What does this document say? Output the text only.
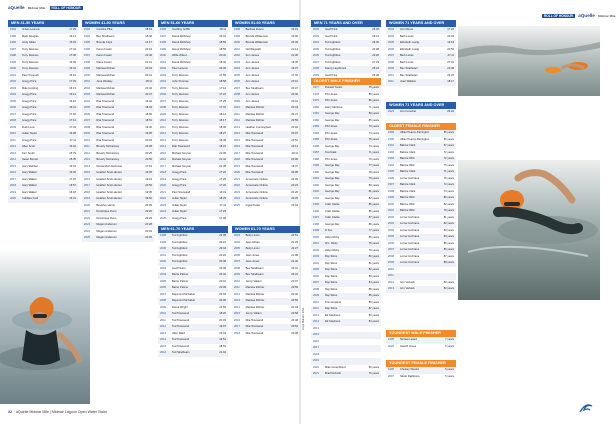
aQuelle Midmar Mile ROLL OF HONOUR
MEN 41-50 YEARS
1994	Johan Lourens	17:29
1995	Mark Douglas	15:13
1996	Andy Gillan	15:03
1997	Terry Downes	17:44
1998	Terry Downes	17:06
1999	Terry Downes	16:05
2000	Terry Downes	16:44
2001	Paul Trenouth	16:16
2002	Gregg Price	17:03
2003	Mike Hocking	16:13
2004	Gregg Price	16:14
2005	Gregg Price	16:16
2006	Gregg Price	16:41
2007	Gregg Price	17:02
2008	Gregg Price	17:14
2009	Rudi Louw	17:03
2010	Julian Taylor	16:28
2011	Gregg Price	17:11
2012	Allen Scott	16:42
2013	Kerr Smith	15:79
2014	Stuart Borrett	15:35
2015	Gary Webber	16:04
2016	Gary Walker	16:36
2017	Gary Walker	17:07
2018	Gary Walker	16:57
2019	Gary Walker	16:18
2020	Cobbles Ford	16:41
WOMEN 41-50 YEARS
1993	Caroline Pike	18:19
1994	Bev Strathearn	18:46
1995	Brenda Cope	21:17
1996	Karen Foster	20:16
1997	Karen Foster	20:46
1998	Diane Foster	21:41
1999	Marissa Richter	20:44
2000	Marissa Richter	20:41
2001	June Woolley	18:11
2002	Marissa Richter	20:42
2003	Marissa Richter	20:47
2004	Rita Townsend	19:42
2005	Rita Townsend	18:43
2006	Rita Townsend	18:56
2007	Rita Townsend	18:51
2008	Rita Townsend	19:40
2009	Rita Townsend	19:35
2010	Rita Townsend	20:04
2011	Beverly McCartney	20:48
2012	Beverly McCartney	20:25
2013	Beverly McCartney	20:56
2014	Nicola Moir-Cushman	17:19
2015	Heather Scott-Hunter	19:35
2016	Heather Scott-Hunter	19:19
2017	Heather Scott-Hunter	20:50
2018	Heather Scott-Hunter	19:35
2019	Heather Scott-Hunter	19:52
2020	Beverley Harris	20:09
2021	Dominique Dunn	20:20
2022	Dominique Dunn	20:29
2023	Megan Anderson	20:28
2024	Megan Anderson	20:03
2025	Megan Anderson	20:05
MEN 51-60 YEARS
1996	Geoffrey Griffin	18:11
1997	Derek Richthop	20:41
1998	Derek Richthop	18:59
1999	Derek Richthop	18:59
2000	Willie Wilson	20:42
2001	Derek Richthop	18:40
2002	Paul Larsens	20:40
2003	Terry Downes	17:55
2004	John Penrose	18:58
2005	Terry Downes	17:12
2006	Terry Downes	17:22
2007	Terry Downes	17:25
2008	Terry Downes	17:32
2009	Terry Downes	18:14
2010	Terry Downes	18:17
2011	Terry Downes	18:40
2012	Terry Downes	18:27
2013	Terry Downes	18:48
2014	Rob Townsend	18:31
2015	Michael Smyser	21:09
2016	Michael Smyser	21:42
2017	Michael Smyser	21:48
2018	Gregg Price	17:22
2019	Gregg Price	17:25
2020	Gregg Price	17:20
2021	Paul Townsend	16:31
2022	Julian Taylor	18:29
2023	Julian Taylor	17:11
2024	Julian Taylor	17:23
2025	Gregg Price	17:08
MEN 61-70 YEARS
1998	Ted Lightfoot	22:38
1999	Ted Lightfoot	20:16
2000	Ted Lightfoot	20:44
2001	Ted Lightfoot	20:22
2002	Ted Lightfoot	20:48
2003	Geoff Sutro	20:48
2004	Barrie Palmer	20:42
2005	Barrie Palmer	20:01
2006	Barrie Palmer	20:09
2007	Raymond McCabel	20:04
2008	Raymond McCabel	20:30
2009	Derek Wright	21:56
2010	Ted Townsend	18:20
2011	Ted Townsend	20:33
2012	Ted Townsend	19:07
2013	Allen Ward	20:03
2014	Ted Townsend	19:51
2015	Ted Townsend	18:53
2016	Ted Strathearn	21:04
32 aQuelle Midmar Mile | Midmar Lagoon Open Water Swim
WOMEN 51-60 YEARS
1998	Barbara Rusca	20:19
1999	Brenda Williamson	20:00
2000	Brenda Williamson	20:49
2001	Gill Wagstaff	21:14
2002	Ann James	21:30
2003	Ann James	19:45
2004	Ann James	19:37
2005	Ann James	17:02
2006	Ann James	20:10
2007	Bev Strathearn	20:47
2008	Ann James	20:40
2009	Ann James	20:31
2010	Marissa Richter	20:44
2011	Marissa Richter	20:47
2012	Marissa Richter	20:59
2013	Heather Cunningham	20:04
2014	Rita Townsend	20:37
2015	Rita Townsend	20:51
2016	Rita Townsend	20:14
2017	Rita Townsend	20:11
2018	Rita Townsend	20:06
2019	Rita Townsend	19:47
2020	Rita Townsend	20:08
2021	Annemarie Ontlow	20:09
2022	Annemarie Ontlow	20:23
2023	Annemarie Ontlow	20:26
2024	Annemarie Ontlow	20:25
2025	Ingrid Teuler	20:04
WOMEN 61-70 YEARS
2003	Betty Linton	20:51
2004	Jean Adrian	21:03
2005	Betty Linton	22:27
2006	Jean Jones	21:08
2007	Jean Jones	21:40
2008	Bev Strathearn	20:41
2009	Bev Strathearn	20:31
2010	Jenny Valiant	22:07
2011	Marissa Richter	20:59
2012	Marissa Richter	20:40
2013	Marissa Richter	20:50
2014	Marissa Richter	20:43
2015	Jenny Valiant	20:58
2016	Rita Townsend	20:48
2017	Rita Townsend	20:52
2018	Rita Townsend	20:38
MEN 71 YEARS AND OVER
2002	Geoff Fink	25:06
2003	Geoff Fink	26:21
2004	Ted Lightfoot	26:30
2005	Ted Lightfoot	24:08
2006	Ted Lightfoot	23:20
2007	Ted Lightfoot	27:23
2008	Danny Heydinrick	25:24
2009	Geoff Fink	26:48
OLDEST MALE FINISHER
1977	Russell Tonkin	75 years
1978	Phil Jones	85 years
1979	Phil Jones	86 years
1980	Harry Menlove	71 years
1981	George Ray	89 years
1982	George Ray	85 years
1983	Phil Jones	79 years
1984	Phil Jones	74 years
1985	Phil Jones	75 years
1986	George Ray	73 years
1987	Fred Aaik	71 years
1988	Phil Jones	76 years
1989	George Ray	77 years
1990	George Ray	78 years
1991	George Ray	79 years
1992	George Ray	80 years
1993	George Ray	81 years
1994	George Ray	82 years
1995	Colin Clarke	85 years
1996	Colin Clarke	86 years
1997	Colin Clarke	87 years
1998	George Ray	86 years
1999	D Fox	77 years
2000	Aldyn Ricky	85 years
2001	W.L. Ricky	75 years
2002	Aldyn Ricky	79 years
2003	Ray Skine	80 years
2004	Ray Skine	81 years
2005	Ray Skine	82 years
2006	Ray Skine	83 years
2007	Ray Skine	84 years
2008	Ray Skine	85 years
2009	Ray Skine	85 years
2010	Fran Hopkins	85 years
2011	Ray Skine	87 years
2012	Ed Stephens	83 years
2013	Ed Stephens	84 years
2014
2015
2016
2017
2018
2019
2020	Mike Greenblood	80 years
2021	Brad Nicholls	76 years
Lloyd Marais / RSA
ROLL OF HONOUR aQuelle Midmar Mile
WOMEN 71 YEARS AND OVER
2003	Ann Moore	17:22
2004	Beth Lucas	23:03
2005	Elizabeth Lustig	19:19
2006	Elizabeth Lustig	20:53
2007	Beth Lucas	27:11
2008	Beth Lucas	27:31
2009	Bev Strathearn	22:48
2010	Bev Strathearn	22:07
2011	Jean Wallace	18:17
WOMEN 71 YEARS AND OVER
2023	Ann Kerschel	26:22
OLDEST FEMALE FINISHER
1989	Jillian Pearce-Parrington	65 years
1990	Jillian Pearce-Parrington	66 years
1991	Babnie Clark	67 years
1992	Babnie Clark	72 years
1993	Babnie Wild	72 years
1994	Babnie Wild	75 years
1995	Babnie Clark	71 years
1996	Lorna Cochrane	76 years
1997	Babnie Clark	72 years
1998	Babnie Clark	74 years
1999	Babnie Wild	80 years
2000	Babnie Wild	82 years
2001	Babnie Wild	79 years
2002	Lorna Cochrane	81 years
2003	Lorna Cochrane	82 years
2004	Lorna Cochrane	83 years
2005	Lorna Cochrane	84 years
2006	Lorna Cochrane	85 years
2007	Lorna Cochrane	86 years
2008	Lorna Cochrane	87 years
2009	Lorna Cochrane	88 years
2010
2011
2012	Ann Verkerk	82 years
2013	Ann Verkerk	83 years
YOUNGEST MALE FINISHER
1995	Nicolas Heard	7 years
2022	Gareth Jones	6 years
YOUNGEST FEMALE FINISHER
1995	Chelsey Westra	5 years
2007	Sarah Rathbone	5 years
